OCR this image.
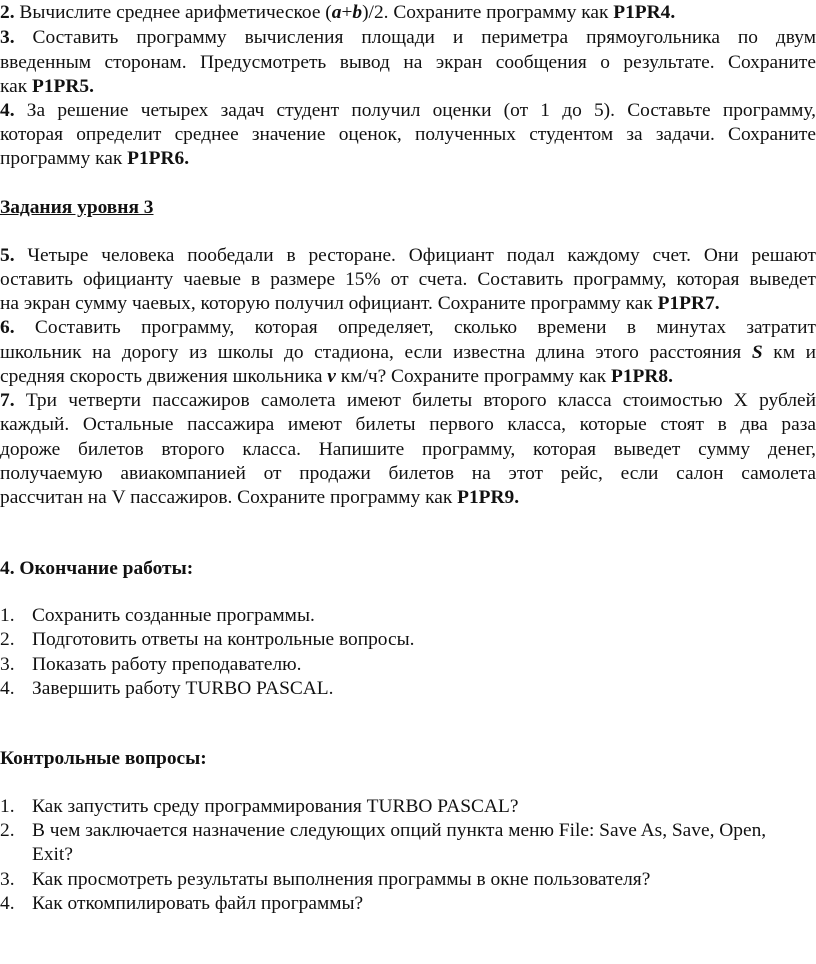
2. Вычислите среднее арифметическое (a+b)/2. Сохраните программу как P1PR4.
3. Составить программу вычисления площади и периметра прямоугольника по двум
введенным сторонам. Предусмотреть вывод на экран сообщения о результате. Сохраните
как P1PR5.
4. За решение четырех задач студент получил оценки (от 1 до 5). Составьте программу,
которая определит среднее значение оценок, полученных студентом за задачи. Сохраните
программу как P1PR6.
Задания уровня 3
5. Четыре человека пообедали в ресторане. Официант подал каждому счет. Они решают
оставить официанту чаевые в размере 15% от счета. Составить программу, которая выведет
на экран сумму чаевых, которую получил официант. Сохраните программу как P1PR7.
6. Составить программу, которая определяет, сколько времени в минутах затратит
школьник на дорогу из школы до стадиона, если известна длина этого расстояния S км и
средняя скорость движения школьника v км/ч? Сохраните программу как P1PR8.
7. Три четверти пассажиров самолета имеют билеты второго класса стоимостью X рублей
каждый. Остальные пассажира имеют билеты первого класса, которые стоят в два раза
дороже билетов второго класса. Напишите программу, которая выведет сумму денег,
получаемую авиакомпанией от продажи билетов на этот рейс, если салон самолета
рассчитан на V пассажиров. Сохраните программу как P1PR9.
4. Окончание работы:
1. Сохранить созданные программы.
2. Подготовить ответы на контрольные вопросы.
3. Показать работу преподавателю.
4. Завершить работу TURBO PASCAL.
Контрольные вопросы:
1. Как запустить среду программирования TURBO PASCAL?
2. В чем заключается назначение следующих опций пункта меню File: Save As, Save, Open,
Exit?
3. Как просмотреть результаты выполнения программы в окне пользователя?
4. Как откомпилировать файл программы?
